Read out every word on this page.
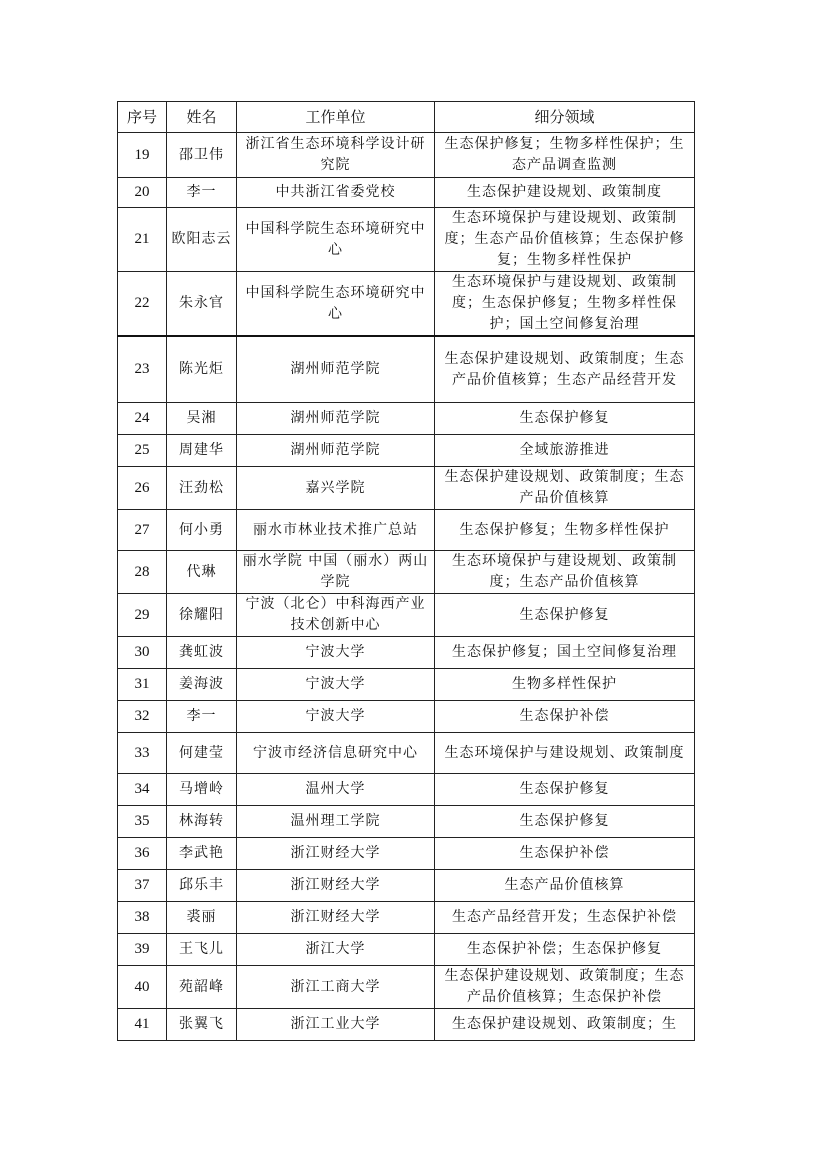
序号	姓名	工作单位	细分领域
19	邵卫伟	浙江省生态环境科学设计研究院	生态保护修复；生物多样性保护；生态产品调查监测
20	李一	中共浙江省委党校	生态保护建设规划、政策制度
21	欧阳志云	中国科学院生态环境研究中心	生态环境保护与建设规划、政策制度；生态产品价值核算；生态保护修复；生物多样性保护
22	朱永官	中国科学院生态环境研究中心	生态环境保护与建设规划、政策制度；生态保护修复；生物多样性保护；国土空间修复治理
23	陈光炬	湖州师范学院	生态保护建设规划、政策制度；生态产品价值核算；生态产品经营开发
24	吴湘	湖州师范学院	生态保护修复
25	周建华	湖州师范学院	全域旅游推进
26	汪劲松	嘉兴学院	生态保护建设规划、政策制度；生态产品价值核算
27	何小勇	丽水市林业技术推广总站	生态保护修复；生物多样性保护
28	代琳	丽水学院 中国（丽水）两山学院	生态环境保护与建设规划、政策制度；生态产品价值核算
29	徐耀阳	宁波（北仑）中科海西产业技术创新中心	生态保护修复
30	龚虹波	宁波大学	生态保护修复；国土空间修复治理
31	姜海波	宁波大学	生物多样性保护
32	李一	宁波大学	生态保护补偿
33	何建莹	宁波市经济信息研究中心	生态环境保护与建设规划、政策制度
34	马增岭	温州大学	生态保护修复
35	林海转	温州理工学院	生态保护修复
36	李武艳	浙江财经大学	生态保护补偿
37	邱乐丰	浙江财经大学	生态产品价值核算
38	裘丽	浙江财经大学	生态产品经营开发；生态保护补偿
39	王飞儿	浙江大学	生态保护补偿；生态保护修复
40	苑韶峰	浙江工商大学	生态保护建设规划、政策制度；生态产品价值核算；生态保护补偿
41	张翼飞	浙江工业大学	生态保护建设规划、政策制度；生
